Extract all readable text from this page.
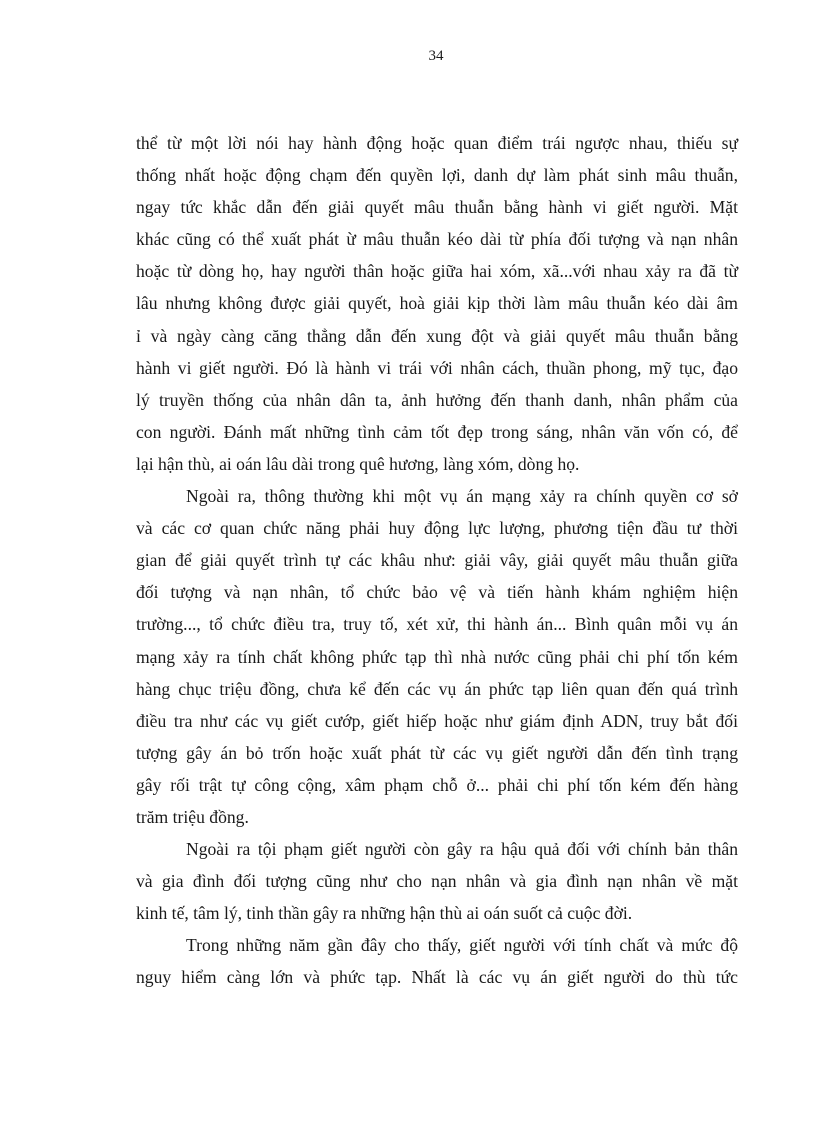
34
thể từ một lời nói hay hành động hoặc quan điểm trái ngược nhau, thiếu sự
thống nhất hoặc động chạm đến quyền lợi, danh dự làm phát sinh mâu thuẫn,
ngay tức khắc dẫn đến giải quyết mâu thuẫn bằng hành vi giết người. Mặt
khác cũng có thể xuất phát ừ mâu thuẫn kéo dài từ phía đối tượng và nạn nhân
hoặc từ dòng họ, hay người thân hoặc giữa hai xóm, xã...với nhau xảy ra đã từ
lâu nhưng không được giải quyết, hoà giải kịp thời làm mâu thuẫn kéo dài âm
ỉ và ngày càng căng thẳng dẫn đến xung đột và giải quyết mâu thuẫn bằng
hành vi giết người. Đó là hành vi trái với nhân cách, thuần phong, mỹ tục, đạo
lý truyền thống của nhân dân ta, ảnh hưởng đến thanh danh, nhân phẩm của
con người. Đánh mất những tình cảm tốt đẹp trong sáng, nhân văn vốn có, để
lại hận thù, ai oán lâu dài trong quê hương, làng xóm, dòng họ.
Ngoài ra, thông thường khi một vụ án mạng xảy ra chính quyền cơ sở
và các cơ quan chức năng phải huy động lực lượng, phương tiện đầu tư thời
gian để giải quyết trình tự các khâu như: giải vây, giải quyết mâu thuẫn giữa
đối tượng và nạn nhân, tổ chức bảo vệ và tiến hành khám nghiệm hiện
trường..., tổ chức điều tra, truy tố, xét xử, thi hành án... Bình quân mỗi vụ án
mạng xảy ra tính chất không phức tạp thì nhà nước cũng phải chi phí tốn kém
hàng chục triệu đồng, chưa kể đến các vụ án phức tạp liên quan đến quá trình
điều tra như các vụ giết cướp, giết hiếp hoặc như giám định ADN, truy bắt đối
tượng gây án bỏ trốn hoặc xuất phát từ các vụ giết người dẫn đến tình trạng
gây rối trật tự công cộng, xâm phạm chỗ ở... phải chi phí tốn kém đến hàng
trăm triệu đồng.
Ngoài ra tội phạm giết người còn gây ra hậu quả đối với chính bản thân
và gia đình đối tượng cũng như cho nạn nhân và gia đình nạn nhân về mặt
kinh tế, tâm lý, tinh thần gây ra những hận thù ai oán suốt cả cuộc đời.
Trong những năm gần đây cho thấy, giết người với tính chất và mức độ
nguy hiểm càng lớn và phức tạp. Nhất là các vụ án giết người do thù tức
